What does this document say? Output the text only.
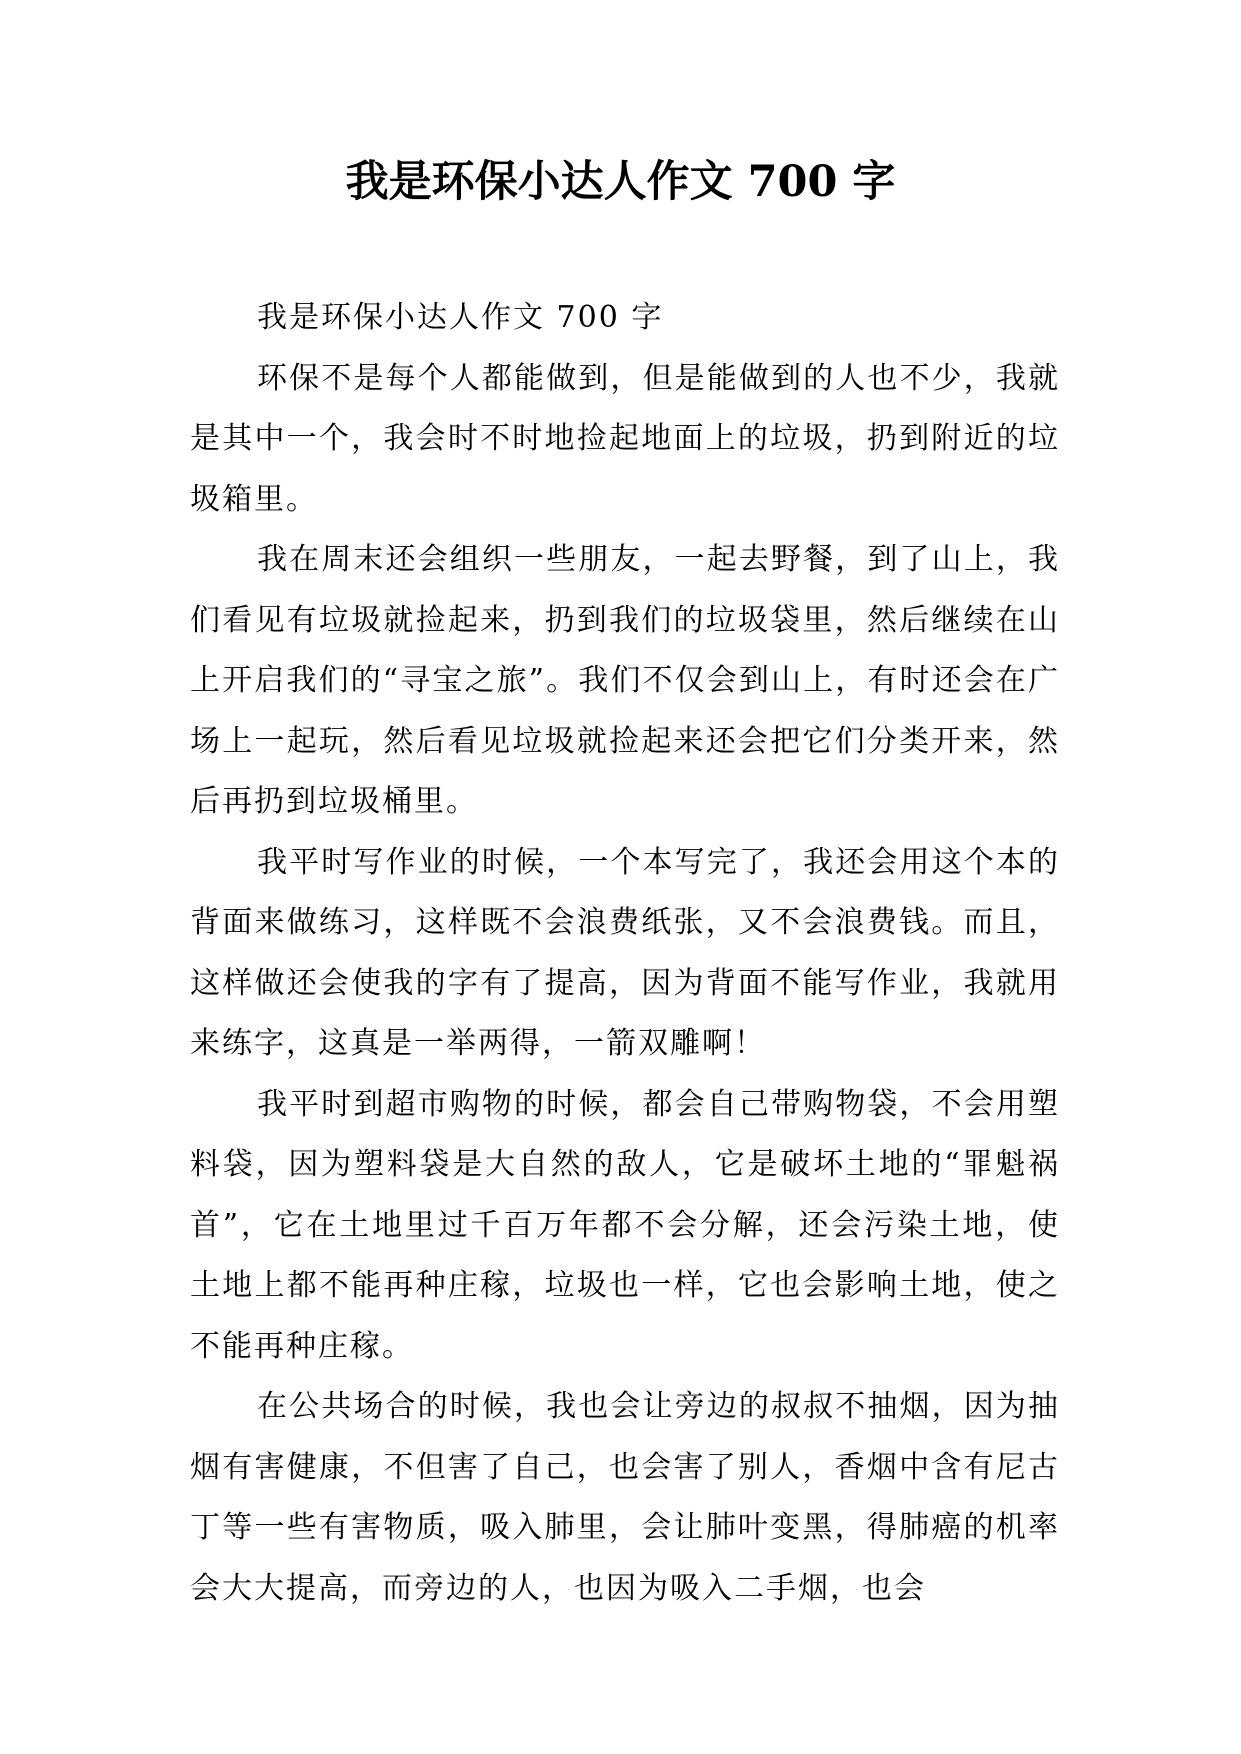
我是环保小达人作文 700 字

我是环保小达人作文 700 字

环保不是每个人都能做到，但是能做到的人也不少，我就是其中一个，我会时不时地捡起地面上的垃圾，扔到附近的垃圾箱里。

我在周末还会组织一些朋友，一起去野餐，到了山上，我们看见有垃圾就捡起来，扔到我们的垃圾袋里，然后继续在山上开启我们的“寻宝之旅”。我们不仅会到山上，有时还会在广场上一起玩，然后看见垃圾就捡起来还会把它们分类开来，然后再扔到垃圾桶里。

我平时写作业的时候，一个本写完了，我还会用这个本的背面来做练习，这样既不会浪费纸张，又不会浪费钱。而且，这样做还会使我的字有了提高，因为背面不能写作业，我就用来练字，这真是一举两得，一箭双雕啊！

我平时到超市购物的时候，都会自己带购物袋，不会用塑料袋，因为塑料袋是大自然的敌人，它是破坏土地的“罪魁祸首”，它在土地里过千百万年都不会分解，还会污染土地，使土地上都不能再种庄稼，垃圾也一样，它也会影响土地，使之不能再种庄稼。

在公共场合的时候，我也会让旁边的叔叔不抽烟，因为抽烟有害健康，不但害了自己，也会害了别人，香烟中含有尼古丁等一些有害物质，吸入肺里，会让肺叶变黑，得肺癌的机率会大大提高，而旁边的人，也因为吸入二手烟，也会
